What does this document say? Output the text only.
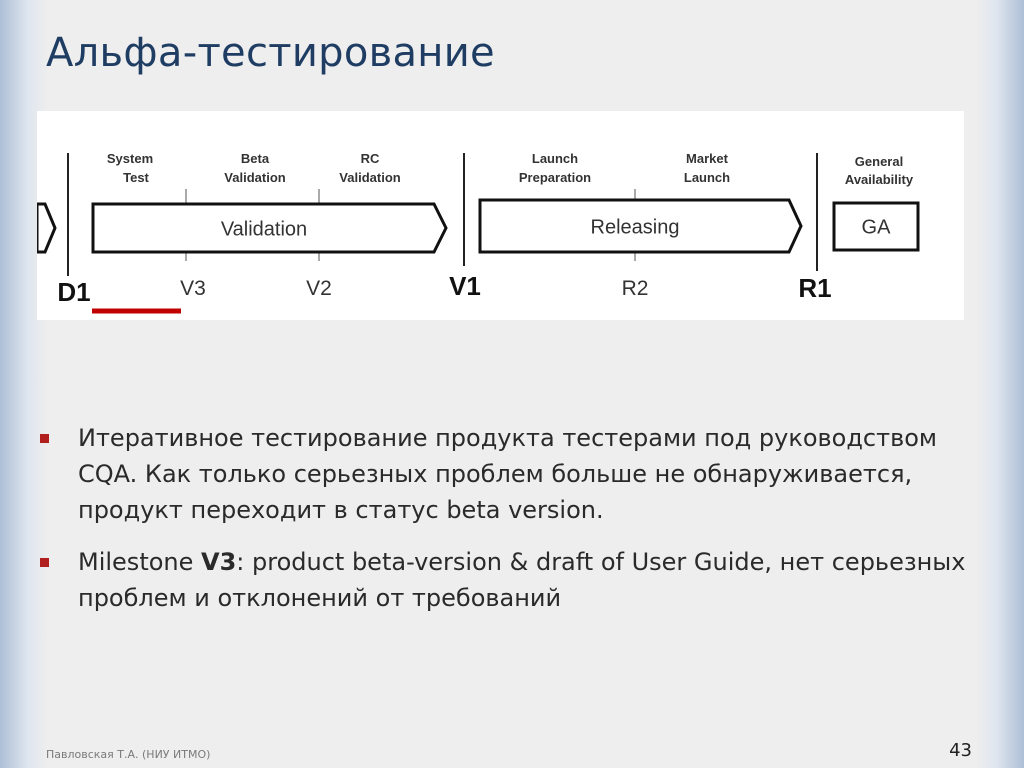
Альфа-тестирование
System
Test
Beta
Validation
RC
Validation
Launch
Preparation
Market
Launch
General
Availability
Validation	Releasing	GA
D1	V3	V2	V1	R2	R1
Итеративное тестирование продукта тестерами под руководством CQA. Как только серьезных проблем больше не обнаруживается, продукт переходит в статус beta version.
Milestone V3: product beta-version & draft of User Guide, нет серьезных проблем и отклонений от требований
Павловская Т.А. (НИУ ИТМО)	43
